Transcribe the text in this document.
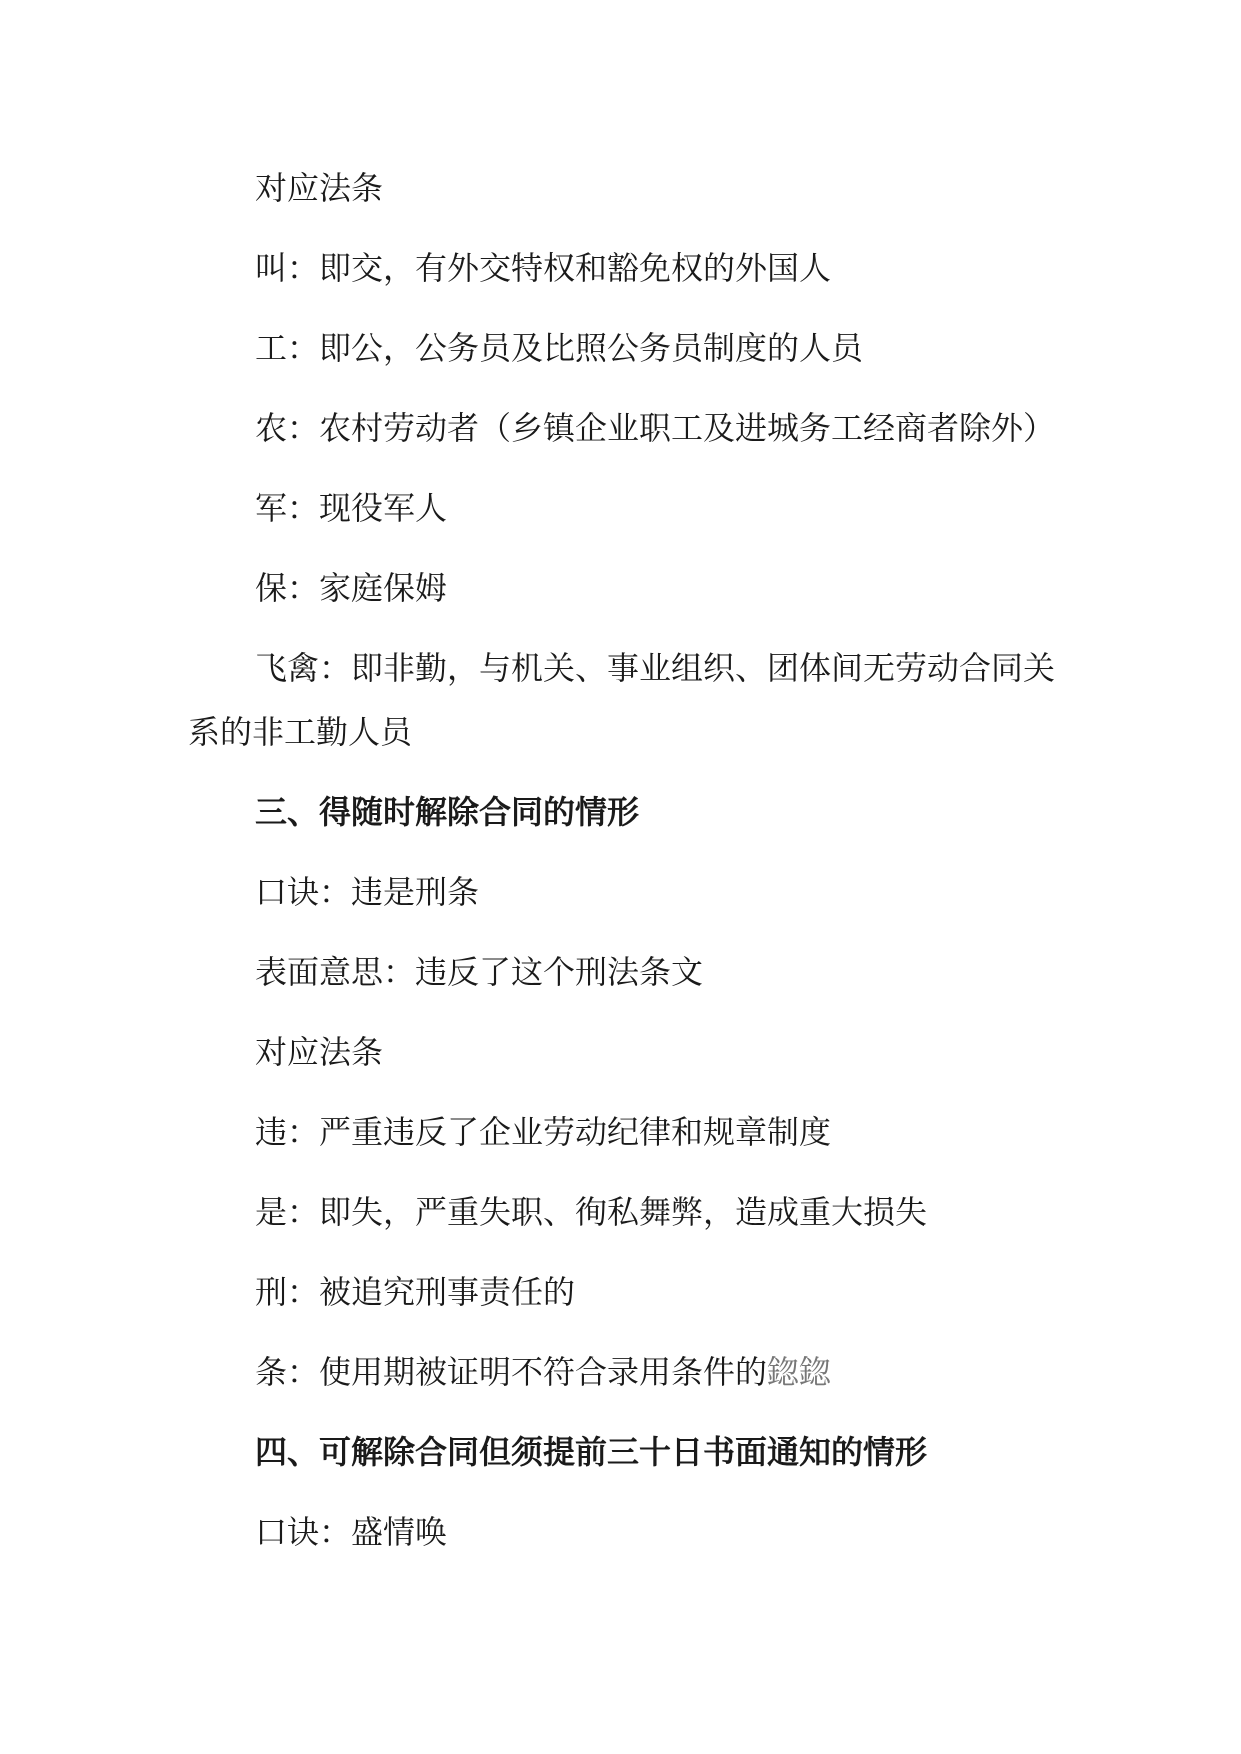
对应法条

叫：即交，有外交特权和豁免权的外国人

工：即公，公务员及比照公务员制度的人员

农：农村劳动者（乡镇企业职工及进城务工经商者除外）

军：现役军人

保：家庭保姆

飞禽：即非勤，与机关、事业组织、团体间无劳动合同关系的非工勤人员

三、得随时解除合同的情形

口诀：违是刑条

表面意思：违反了这个刑法条文

对应法条

违：严重违反了企业劳动纪律和规章制度

是：即失，严重失职、徇私舞弊，造成重大损失

刑：被追究刑事责任的

条：使用期被证明不符合录用条件的鍃鍃

四、可解除合同但须提前三十日书面通知的情形

口诀：盛情唤
